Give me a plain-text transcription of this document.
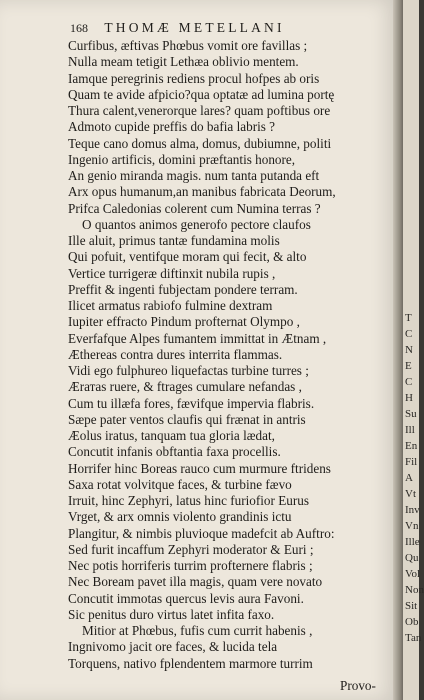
168 THOMÆ METELLANI
Curfibus, æftivas Phœbus vomit ore favillas ;
Nulla meam tetigit Lethæa oblivio mentem.
Iamque peregrinis rediens procul hofpes ab oris
Quam te avide afpicio?qua optatæ ad lumina portę
Thura calent,venerorque lares? quam poftibus ore
Admoto cupide preffis do bafia labris ?
Teque cano domus alma, domus, dubiumne, politi
Ingenio artificis, domini præftantis honore,
An genio miranda magis. num tanta putanda eft
Arx opus humanum,an manibus fabricata Deorum,
Prifca Caledonias colerent cum Numina terras ?
O quantos animos generofo pectore claufos
Ille aluit, primus tantæ fundamina molis
Qui pofuit, ventifque moram qui fecit, & alto
Vertice turrigeræ diftinxit nubila rupis ,
Preffit & ingenti fubjectam pondere terram.
Ilicet armatus rabiofo fulmine dextram
Iupiter effracto Pindum profternat Olympo ,
Everfafque Alpes fumantem immittat in Ætnam ,
Æthereas contra dures interrita flammas.
Vidi ego fulphureo liquefactas turbine turres ;
Ærатas ruere, & ftrages cumulare nefandas ,
Cum tu illæfa fores, fævifque impervia flabris.
Sæpe pater ventos claufis qui frænat in antris
Æolus iratus, tanquam tua gloria lædat,
Concutit infanis obftantia faxa procellis.
Horrifer hinc Boreas rauco cum murmure ftridens
Saxa rotat volvitque faces, & turbine fævo
Irruit, hinc Zephyri, latus hinc furiofior Eurus
Vrget, & arx omnis violento grandinis ictu
Plangitur, & nimbis pluvioque madefcit ab Auftro:
Sed furit incaffum Zephyri moderator & Euri ;
Nec potis horriferis turrim profternere flabris ;
Nec Boream pavet illa magis, quam vere novato
Concutit immotas quercus levis aura Favoni.
Sic penitus duro virtus latet infita faxo.
Mitior at Phœbus, fufis cum currit habenis ,
Ingnivomo jacit ore faces, & lucida tela
Torquens, nativo fplendentem marmore turrim
Provo-
T
C
N
E
C
H
Su
Ill
En
Fil
A
Vt
Inv
Vn
Ille
Qu
Vol
Non
Sit
Ob
Tan
